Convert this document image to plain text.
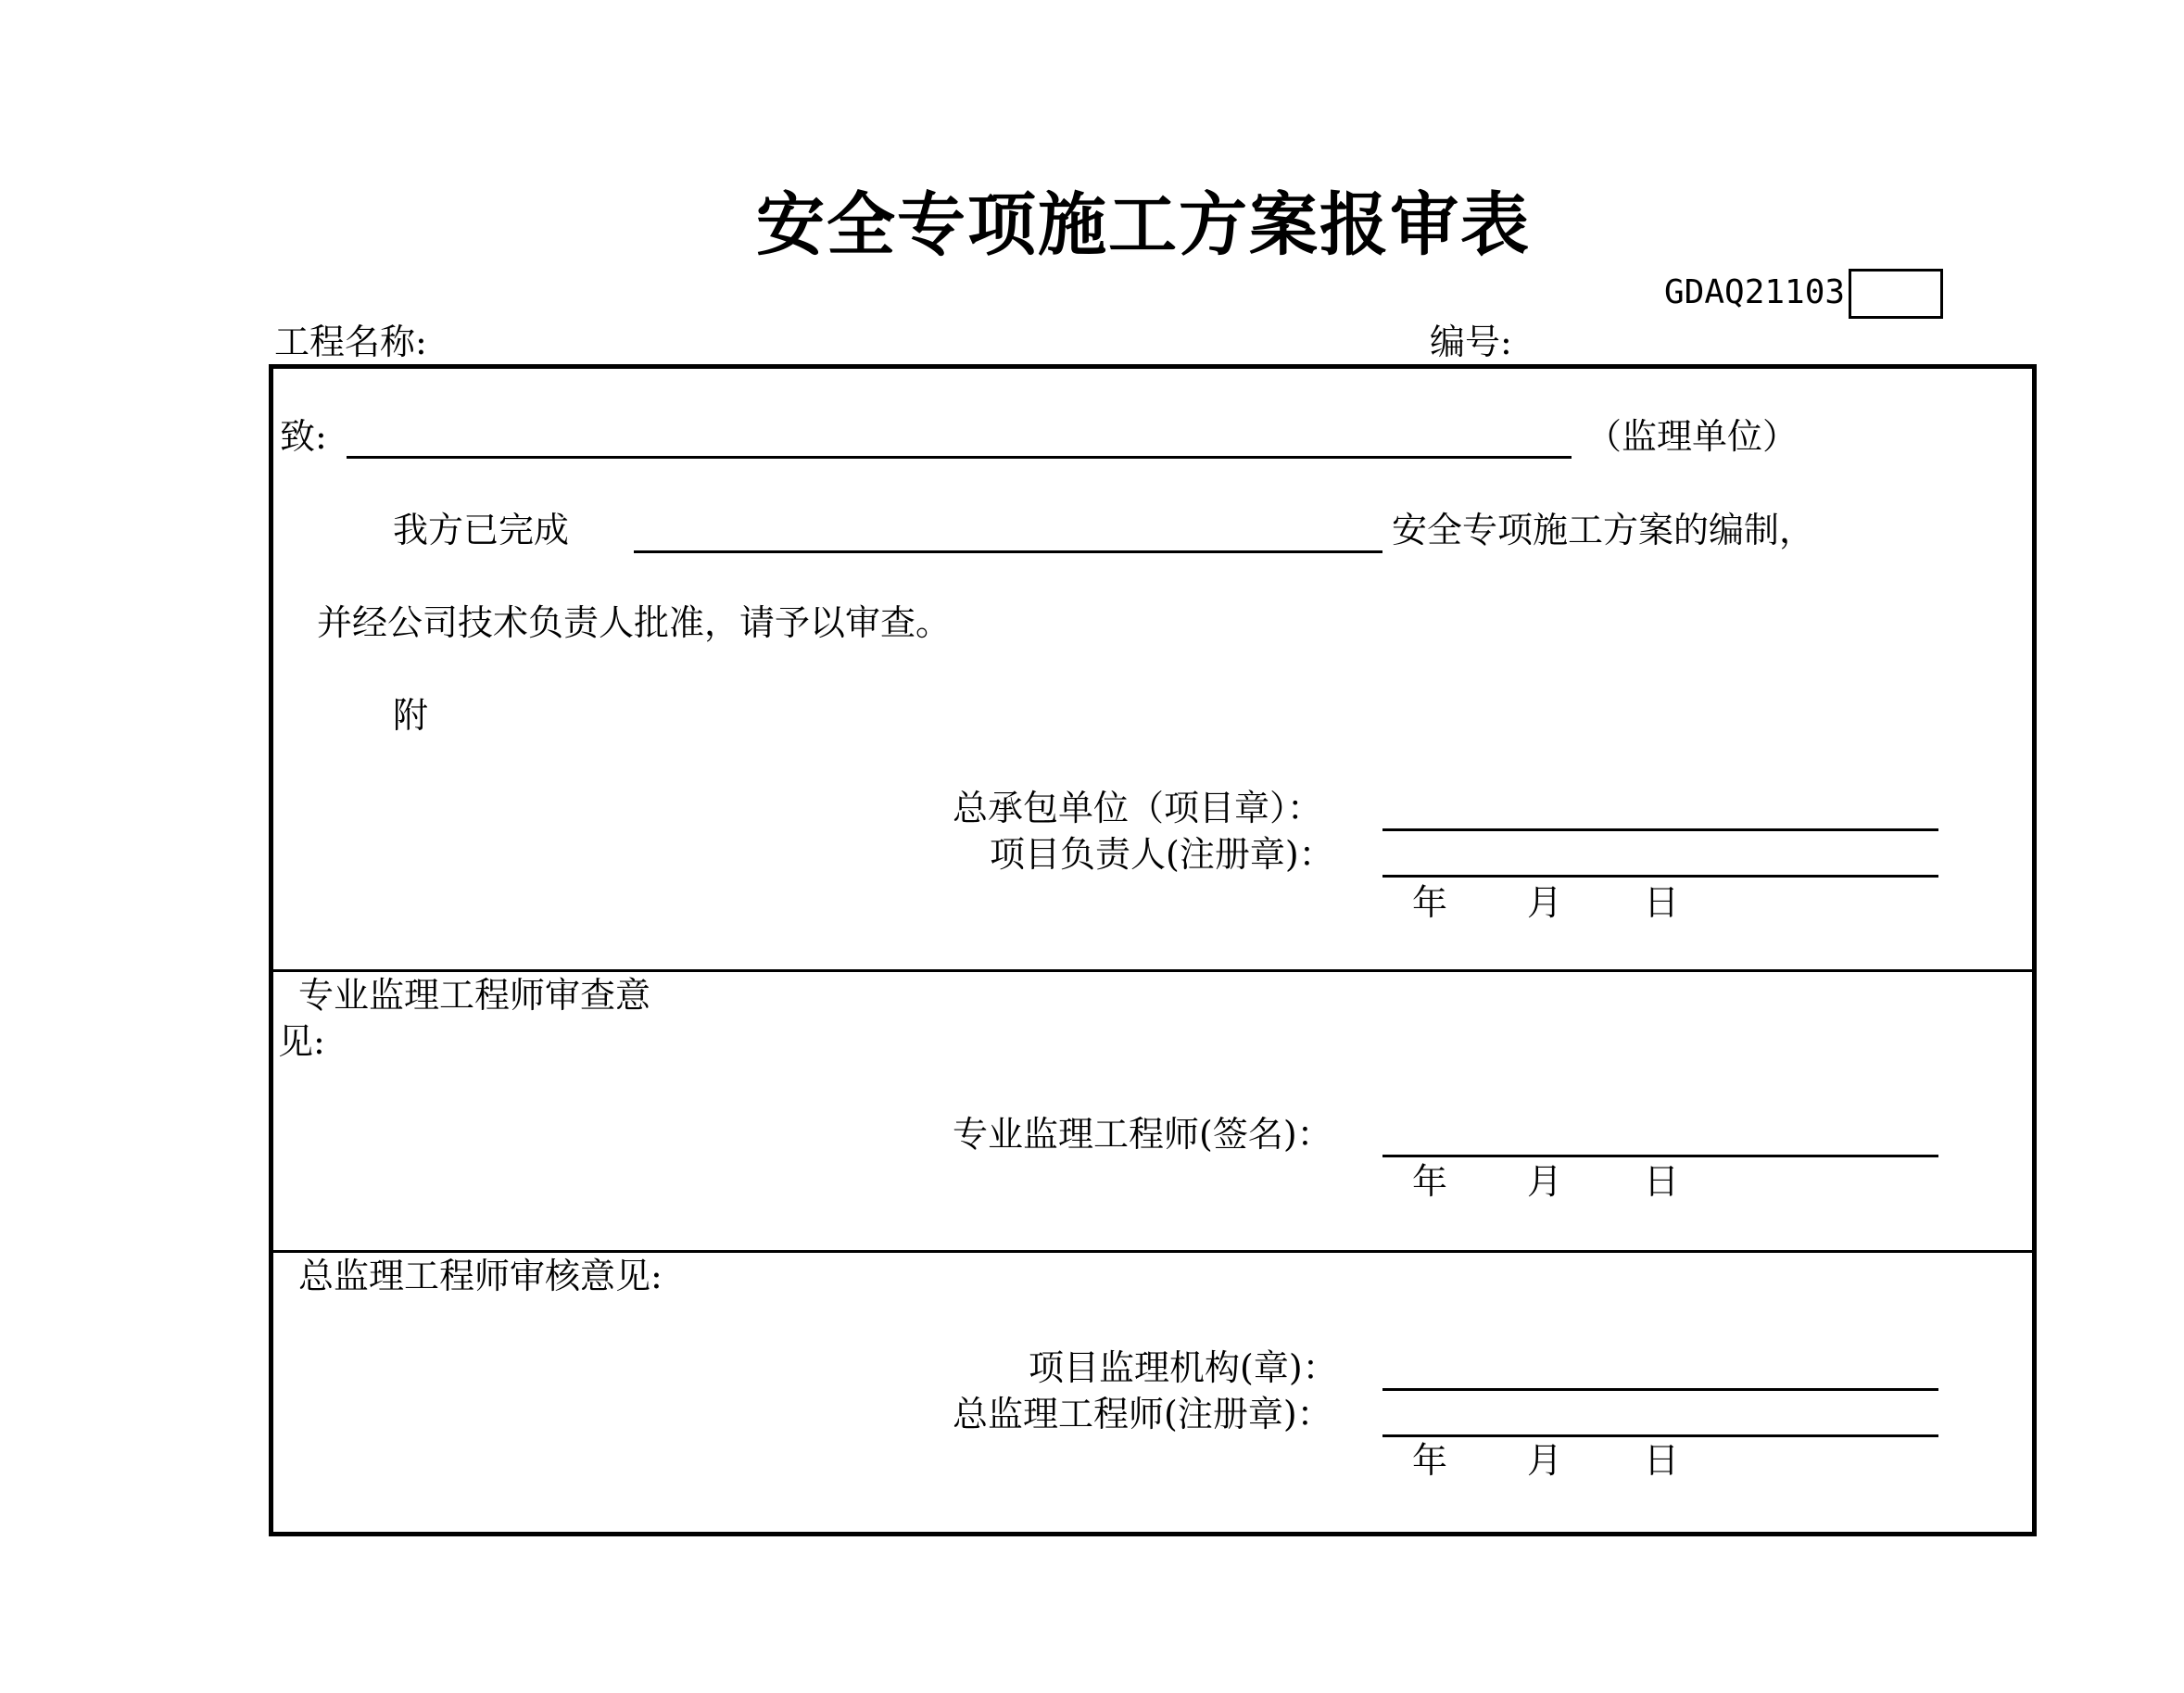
安全专项施工方案报审表
GDAQ21103
工程名称:	编号:
致:	（监理单位）
我方已完成	安全专项施工方案的编制，
并经公司技术负责人批准，请予以审查。
附
总承包单位（项目章）：
项目负责人(注册章)：
年 月 日
专业监理工程师审查意
见:
专业监理工程师(签名)：
年 月 日
总监理工程师审核意见:
项目监理机构(章)：
总监理工程师(注册章)：
年 月 日
